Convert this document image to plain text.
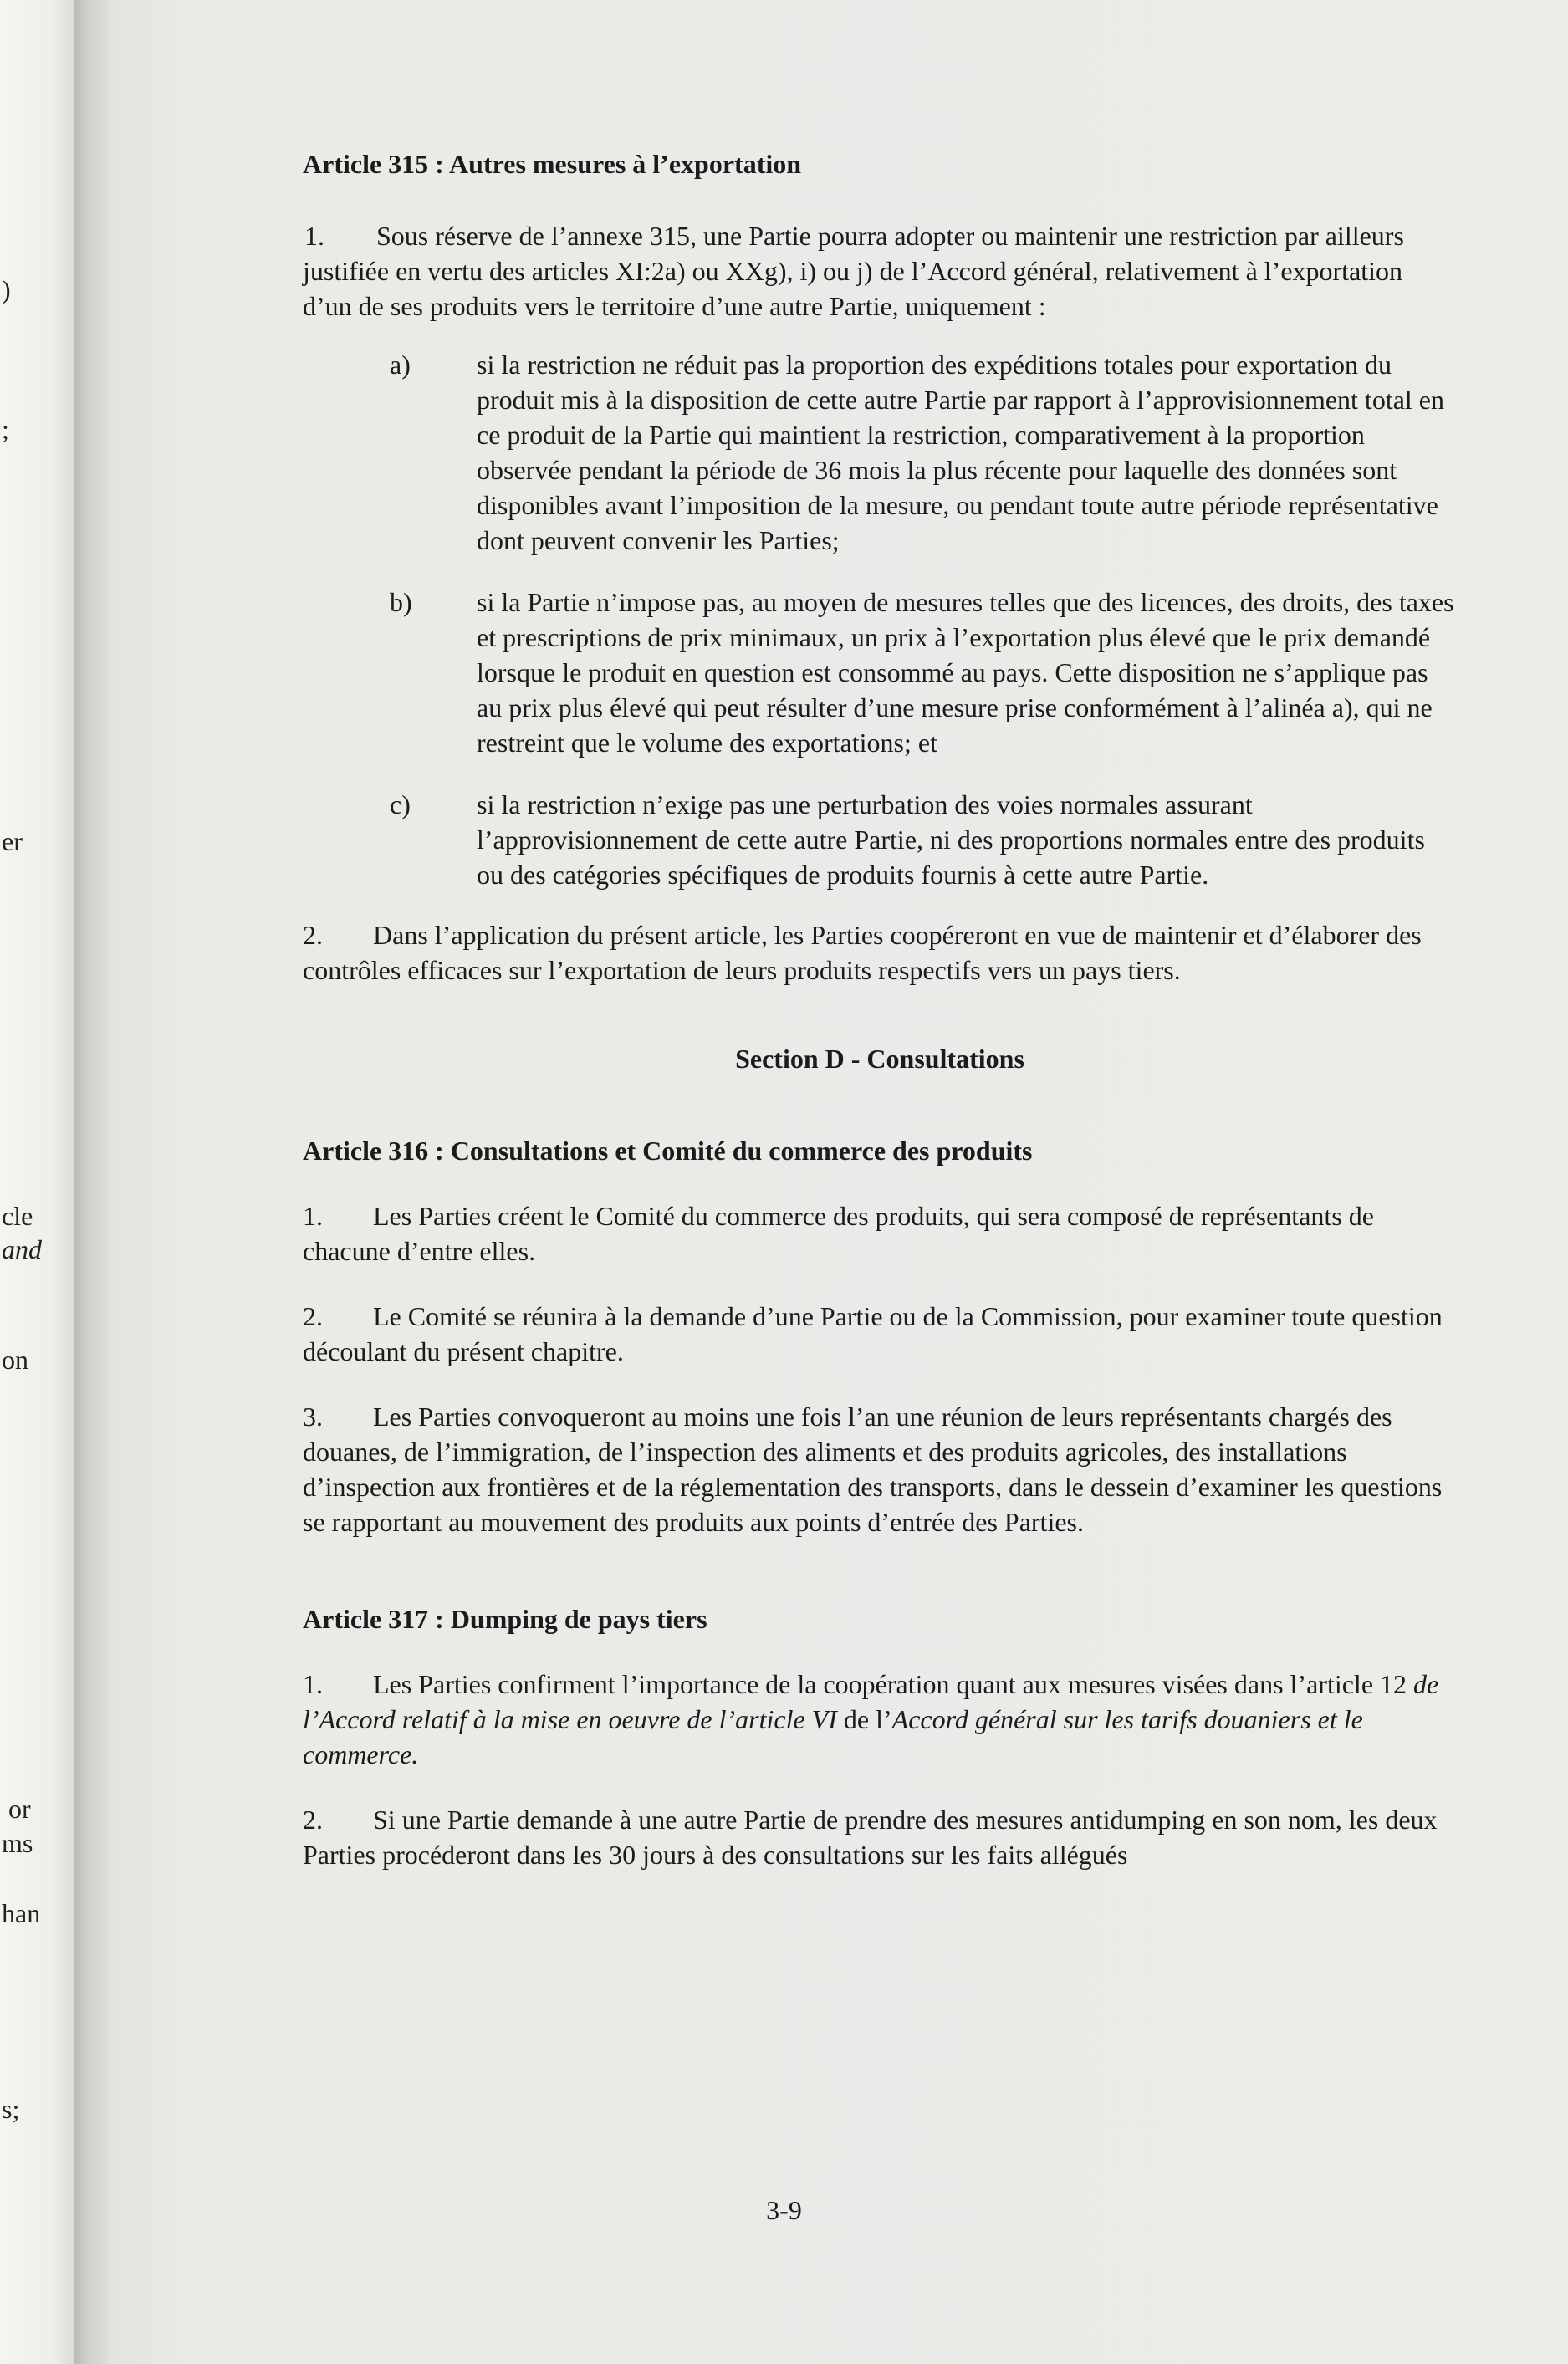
)
;
er
cle
and
on
or
ms
han
s;

Article 315 : Autres mesures à l’exportation

1. Sous réserve de l’annexe 315, une Partie pourra adopter ou maintenir une restriction par ailleurs justifiée en vertu des articles XI:2a) ou XXg), i) ou j) de l’Accord général, relativement à l’exportation d’un de ses produits vers le territoire d’une autre Partie, uniquement :

a) si la restriction ne réduit pas la proportion des expéditions totales pour exportation du produit mis à la disposition de cette autre Partie par rapport à l’approvisionnement total en ce produit de la Partie qui maintient la restriction, comparativement à la proportion observée pendant la période de 36 mois la plus récente pour laquelle des données sont disponibles avant l’imposition de la mesure, ou pendant toute autre période représentative dont peuvent convenir les Parties;
b) si la Partie n’impose pas, au moyen de mesures telles que des licences, des droits, des taxes et prescriptions de prix minimaux, un prix à l’exportation plus élevé que le prix demandé lorsque le produit en question est consommé au pays. Cette disposition ne s’applique pas au prix plus élevé qui peut résulter d’une mesure prise conformément à l’alinéa a), qui ne restreint que le volume des exportations; et
c) si la restriction n’exige pas une perturbation des voies normales assurant l’approvisionnement de cette autre Partie, ni des proportions normales entre des produits ou des catégories spécifiques de produits fournis à cette autre Partie.

2. Dans l’application du présent article, les Parties coopéreront en vue de maintenir et d’élaborer des contrôles efficaces sur l’exportation de leurs produits respectifs vers un pays tiers.

Section D - Consultations

Article 316 : Consultations et Comité du commerce des produits

1. Les Parties créent le Comité du commerce des produits, qui sera composé de représentants de chacune d’entre elles.

2. Le Comité se réunira à la demande d’une Partie ou de la Commission, pour examiner toute question découlant du présent chapitre.

3. Les Parties convoqueront au moins une fois l’an une réunion de leurs représentants chargés des douanes, de l’immigration, de l’inspection des aliments et des produits agricoles, des installations d’inspection aux frontières et de la réglementation des transports, dans le dessein d’examiner les questions se rapportant au mouvement des produits aux points d’entrée des Parties.

Article 317 : Dumping de pays tiers

1. Les Parties confirment l’importance de la coopération quant aux mesures visées dans l’article 12 de l’Accord relatif à la mise en oeuvre de l’article VI de l’Accord général sur les tarifs douaniers et le commerce.

2. Si une Partie demande à une autre Partie de prendre des mesures antidumping en son nom, les deux Parties procéderont dans les 30 jours à des consultations sur les faits allégués

3-9
